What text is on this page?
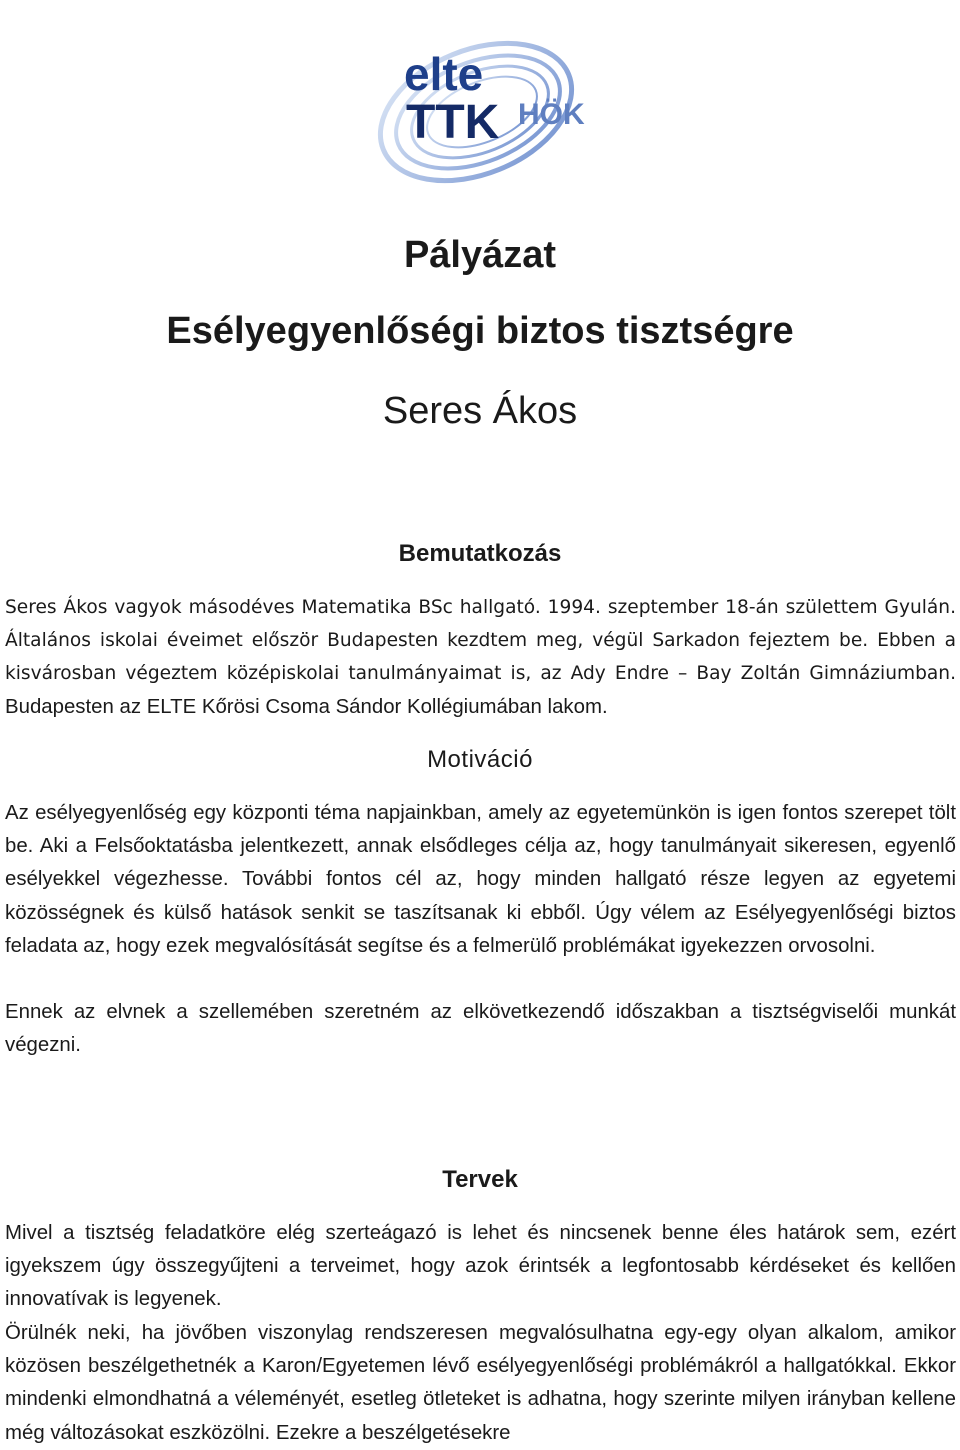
elte
TTK HÖK
Pályázat
Esélyegyenlőségi biztos tisztségre
Seres Ákos
Bemutatkozás

Seres Ákos vagyok másodéves Matematika BSc hallgató. 1994. szeptember 18-án születtem Gyulán. Általános iskolai éveimet először Budapesten kezdtem meg, végül Sarkadon fejeztem be. Ebben a kisvárosban végeztem középiskolai tanulmányaimat is, az Ady Endre – Bay Zoltán Gimnáziumban. Budapesten az ELTE Kőrösi Csoma Sándor Kollégiumában lakom.

Motiváció

Az esélyegyenlőség egy központi téma napjainkban, amely az egyetemünkön is igen fontos szerepet tölt be. Aki a Felsőoktatásba jelentkezett, annak elsődleges célja az, hogy tanulmányait sikeresen, egyenlő esélyekkel végezhesse. További fontos cél az, hogy minden hallgató része legyen az egyetemi közösségnek és külső hatások senkit se taszítsanak ki ebből. Úgy vélem az Esélyegyenlőségi biztos feladata az, hogy ezek megvalósítását segítse és a felmerülő problémákat igyekezzen orvosolni.

Ennek az elvnek a szellemében szeretném az elkövetkezendő időszakban a tisztségviselői munkát végezni.

Tervek

Mivel a tisztség feladatköre elég szerteágazó is lehet és nincsenek benne éles határok sem, ezért igyekszem úgy összegyűjteni a terveimet, hogy azok érintsék a legfontosabb kérdéseket és kellően innovatívak is legyenek.

Örülnék neki, ha jövőben viszonylag rendszeresen megvalósulhatna egy-egy olyan alkalom, amikor közösen beszélgethetnék a Karon/Egyetemen lévő esélyegyenlőségi problémákról a hallgatókkal. Ekkor mindenki elmondhatná a véleményét, esetleg ötleteket is adhatna, hogy szerinte milyen irányban kellene még változásokat eszközölni. Ezekre a beszélgetésekre
